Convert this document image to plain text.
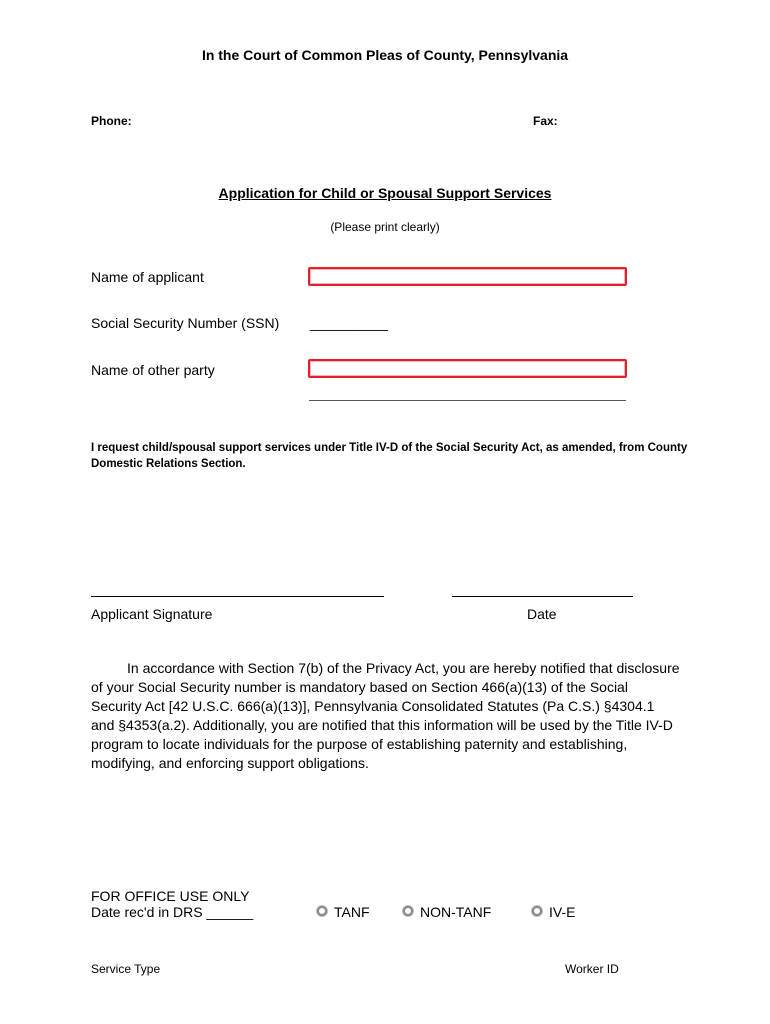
In the Court of Common Pleas of County, Pennsylvania
Phone:	Fax:
Application for Child or Spousal Support Services
(Please print clearly)
Name of applicant
Social Security Number (SSN) __________
Name of other party
I request child/spousal support services under Title IV-D of the Social Security Act, as amended, from County Domestic Relations Section.
Applicant Signature	Date
In accordance with Section 7(b) of the Privacy Act, you are hereby notified that disclosure of your Social Security number is mandatory based on Section 466(a)(13) of the Social Security Act [42 U.S.C. 666(a)(13)], Pennsylvania Consolidated Statutes (Pa C.S.) §4304.1 and §4353(a.2). Additionally, you are notified that this information will be used by the Title IV-D program to locate individuals for the purpose of establishing paternity and establishing, modifying, and enforcing support obligations.
FOR OFFICE USE ONLY
Date rec'd in DRS ______	TANF	NON-TANF	IV-E
Service Type	Worker ID
